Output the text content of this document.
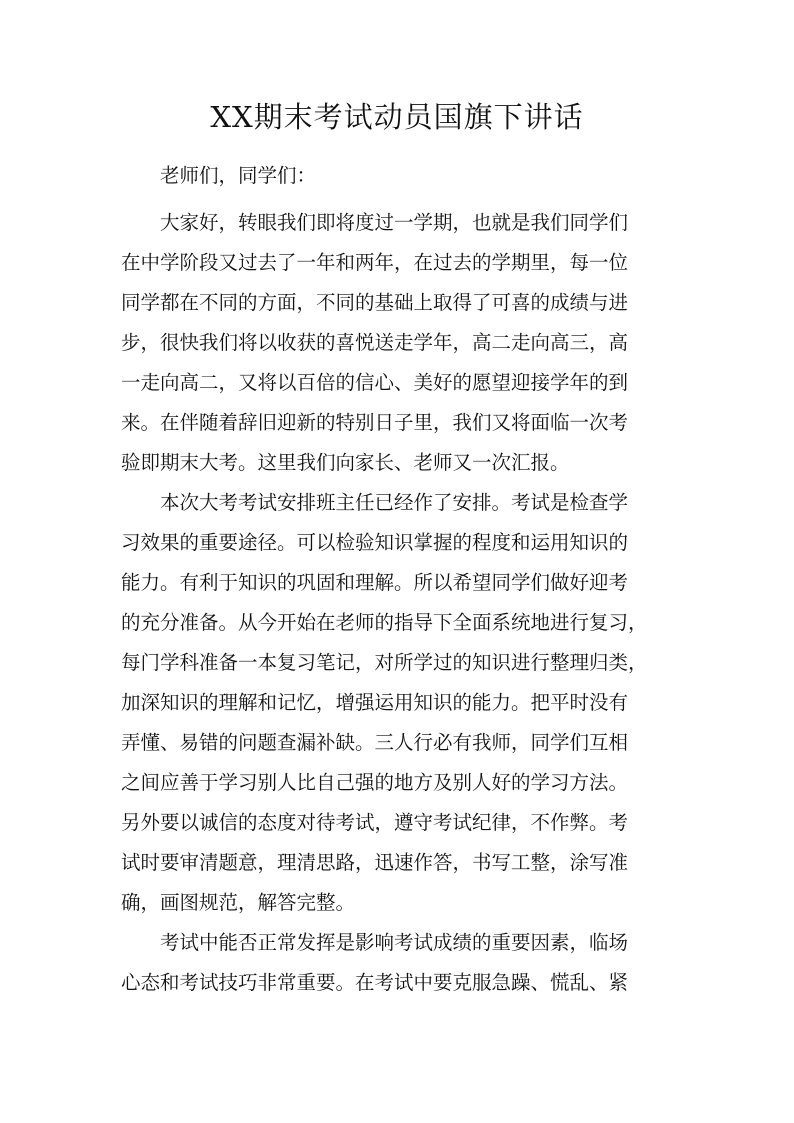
XX期末考试动员国旗下讲话
老师们，同学们：
大家好，转眼我们即将度过一学期，也就是我们同学们
在中学阶段又过去了一年和两年，在过去的学期里，每一位
同学都在不同的方面，不同的基础上取得了可喜的成绩与进
步，很快我们将以收获的喜悦送走学年，高二走向高三，高
一走向高二，又将以百倍的信心、美好的愿望迎接学年的到
来。在伴随着辞旧迎新的特别日子里，我们又将面临一次考
验即期末大考。这里我们向家长、老师又一次汇报。
本次大考考试安排班主任已经作了安排。考试是检查学
习效果的重要途径。可以检验知识掌握的程度和运用知识的
能力。有利于知识的巩固和理解。所以希望同学们做好迎考
的充分准备。从今开始在老师的指导下全面系统地进行复习，
每门学科准备一本复习笔记，对所学过的知识进行整理归类，
加深知识的理解和记忆，增强运用知识的能力。把平时没有
弄懂、易错的问题查漏补缺。三人行必有我师，同学们互相
之间应善于学习别人比自己强的地方及别人好的学习方法。
另外要以诚信的态度对待考试，遵守考试纪律，不作弊。考
试时要审清题意，理清思路，迅速作答，书写工整，涂写准
确，画图规范，解答完整。
考试中能否正常发挥是影响考试成绩的重要因素，临场
心态和考试技巧非常重要。在考试中要克服急躁、慌乱、紧
